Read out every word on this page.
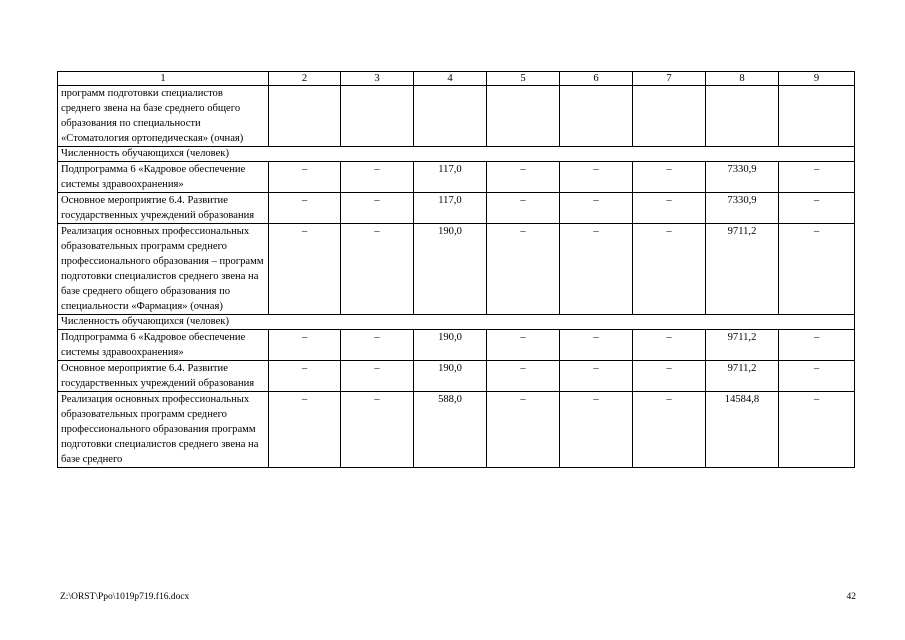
1	2	3	4	5	6	7	8	9
программ подготовки специалистов среднего звена на базе среднего общего образования по специальности «Стоматология ортопедическая» (очная)								
Численность обучающихся (человек)								
Подпрограмма 6 «Кадровое обеспечение системы здравоохранения»	–	–	117,0	–	–	–	7330,9	–
Основное мероприятие 6.4. Развитие государственных учреждений образования	–	–	117,0	–	–	–	7330,9	–
Реализация основных профессиональных образовательных программ среднего профессионального образования – программ подготовки специалистов среднего звена на базе среднего общего образования по специальности «Фармация» (очная)	–	–	190,0	–	–	–	9711,2	–
Численность обучающихся (человек)								
Подпрограмма 6 «Кадровое обеспечение системы здравоохранения»	–	–	190,0	–	–	–	9711,2	–
Основное мероприятие 6.4. Развитие государственных учреждений образования	–	–	190,0	–	–	–	9711,2	–
Реализация основных профессиональных образовательных программ среднего профессионального образования программ подготовки специалистов среднего звена на базе среднего	–	–	588,0	–	–	–	14584,8	–
Z:\ORST\Ppo\1019p719.f16.docx	42
